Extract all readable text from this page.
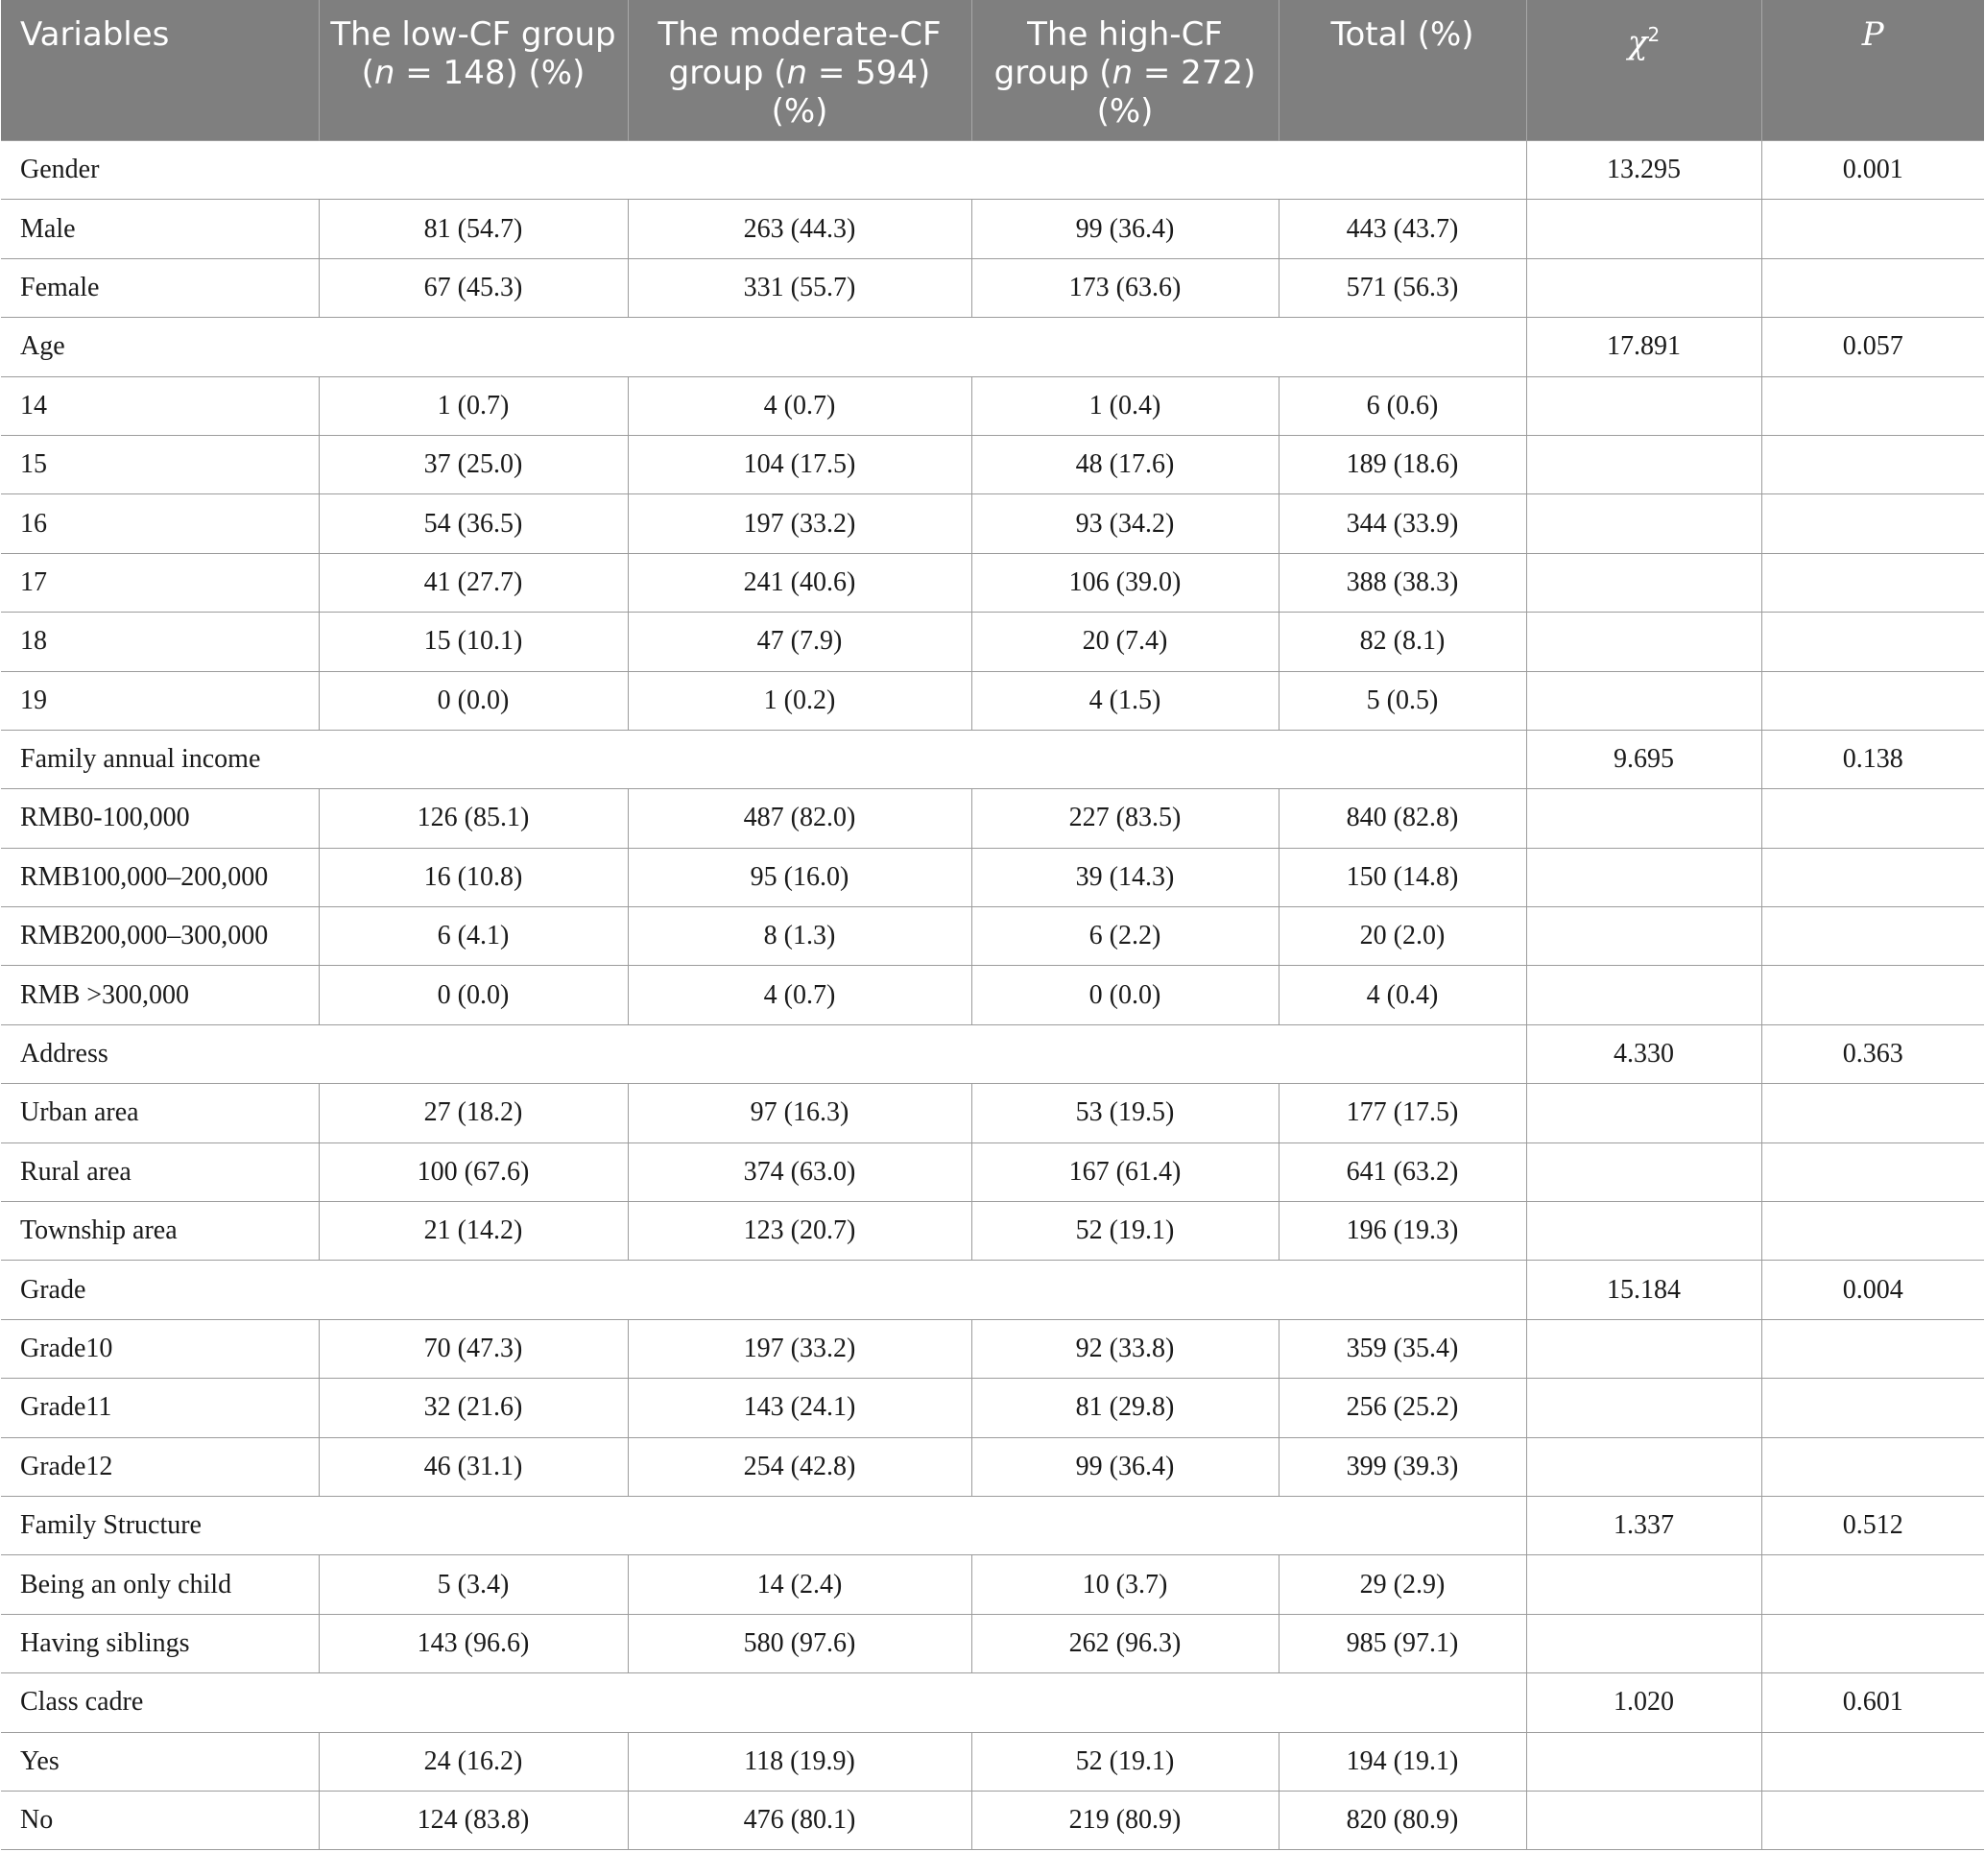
Variables	The low-CF group (n = 148) (%)	The moderate-CF group (n = 594) (%)	The high-CF group (n = 272) (%)	Total (%)	$\chi^2$	P
Gender					13.295	0.001
Male	81 (54.7)	263 (44.3)	99 (36.4)	443 (43.7)		
Female	67 (45.3)	331 (55.7)	173 (63.6)	571 (56.3)		
Age					17.891	0.057
14	1 (0.7)	4 (0.7)	1 (0.4)	6 (0.6)		
15	37 (25.0)	104 (17.5)	48 (17.6)	189 (18.6)		
16	54 (36.5)	197 (33.2)	93 (34.2)	344 (33.9)		
17	41 (27.7)	241 (40.6)	106 (39.0)	388 (38.3)		
18	15 (10.1)	47 (7.9)	20 (7.4)	82 (8.1)		
19	0 (0.0)	1 (0.2)	4 (1.5)	5 (0.5)		
Family annual income					9.695	0.138
RMB0-100,000	126 (85.1)	487 (82.0)	227 (83.5)	840 (82.8)		
RMB100,000–200,000	16 (10.8)	95 (16.0)	39 (14.3)	150 (14.8)		
RMB200,000–300,000	6 (4.1)	8 (1.3)	6 (2.2)	20 (2.0)		
RMB >300,000	0 (0.0)	4 (0.7)	0 (0.0)	4 (0.4)		
Address					4.330	0.363
Urban area	27 (18.2)	97 (16.3)	53 (19.5)	177 (17.5)		
Rural area	100 (67.6)	374 (63.0)	167 (61.4)	641 (63.2)		
Township area	21 (14.2)	123 (20.7)	52 (19.1)	196 (19.3)		
Grade					15.184	0.004
Grade10	70 (47.3)	197 (33.2)	92 (33.8)	359 (35.4)		
Grade11	32 (21.6)	143 (24.1)	81 (29.8)	256 (25.2)		
Grade12	46 (31.1)	254 (42.8)	99 (36.4)	399 (39.3)		
Family Structure					1.337	0.512
Being an only child	5 (3.4)	14 (2.4)	10 (3.7)	29 (2.9)		
Having siblings	143 (96.6)	580 (97.6)	262 (96.3)	985 (97.1)		
Class cadre					1.020	0.601
Yes	24 (16.2)	118 (19.9)	52 (19.1)	194 (19.1)		
No	124 (83.8)	476 (80.1)	219 (80.9)	820 (80.9)		
